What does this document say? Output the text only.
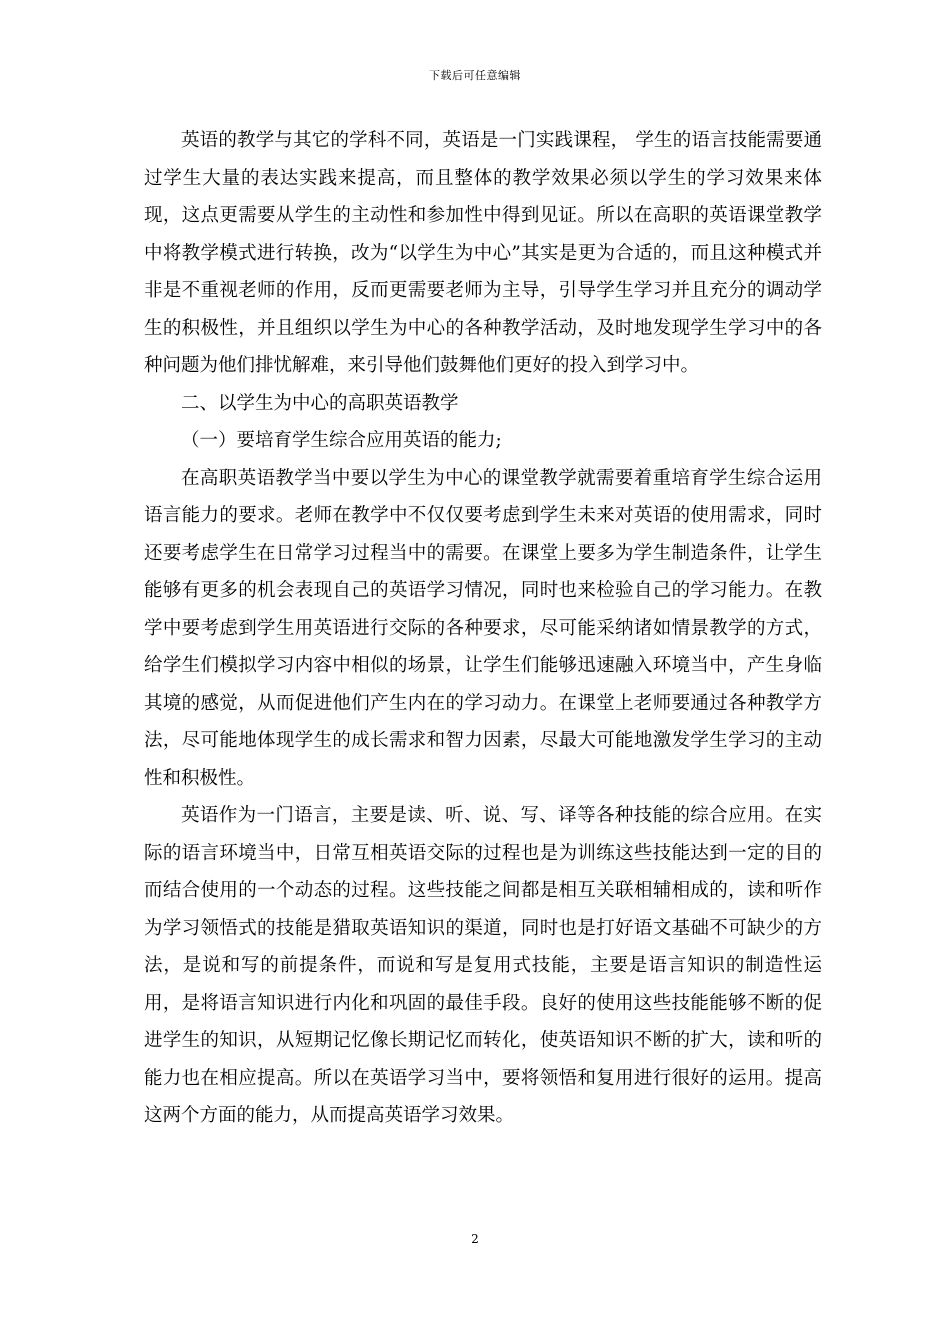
下载后可任意编辑

英语的教学与其它的学科不同，英语是一门实践课程， 学生的语言技能需要通过学生大量的表达实践来提高，而且整体的教学效果必须以学生的学习效果来体现，这点更需要从学生的主动性和参加性中得到见证。所以在高职的英语课堂教学中将教学模式进行转换，改为“以学生为中心”其实是更为合适的，而且这种模式并非是不重视老师的作用，反而更需要老师为主导，引导学生学习并且充分的调动学生的积极性，并且组织以学生为中心的各种教学活动，及时地发现学生学习中的各种问题为他们排忧解难，来引导他们鼓舞他们更好的投入到学习中。

二、以学生为中心的高职英语教学

（一）要培育学生综合应用英语的能力;

在高职英语教学当中要以学生为中心的课堂教学就需要着重培育学生综合运用语言能力的要求。老师在教学中不仅仅要考虑到学生未来对英语的使用需求，同时还要考虑学生在日常学习过程当中的需要。在课堂上要多为学生制造条件，让学生能够有更多的机会表现自己的英语学习情况，同时也来检验自己的学习能力。在教学中要考虑到学生用英语进行交际的各种要求，尽可能采纳诸如情景教学的方式，给学生们模拟学习内容中相似的场景，让学生们能够迅速融入环境当中，产生身临其境的感觉，从而促进他们产生内在的学习动力。在课堂上老师要通过各种教学方法，尽可能地体现学生的成长需求和智力因素，尽最大可能地激发学生学习的主动性和积极性。

英语作为一门语言，主要是读、听、说、写、译等各种技能的综合应用。在实际的语言环境当中，日常互相英语交际的过程也是为训练这些技能达到一定的目的而结合使用的一个动态的过程。这些技能之间都是相互关联相辅相成的，读和听作为学习领悟式的技能是猎取英语知识的渠道，同时也是打好语文基础不可缺少的方法，是说和写的前提条件，而说和写是复用式技能，主要是语言知识的制造性运用，是将语言知识进行内化和巩固的最佳手段。良好的使用这些技能能够不断的促进学生的知识，从短期记忆像长期记忆而转化，使英语知识不断的扩大，读和听的能力也在相应提高。所以在英语学习当中，要将领悟和复用进行很好的运用。提高这两个方面的能力，从而提高英语学习效果。

2
